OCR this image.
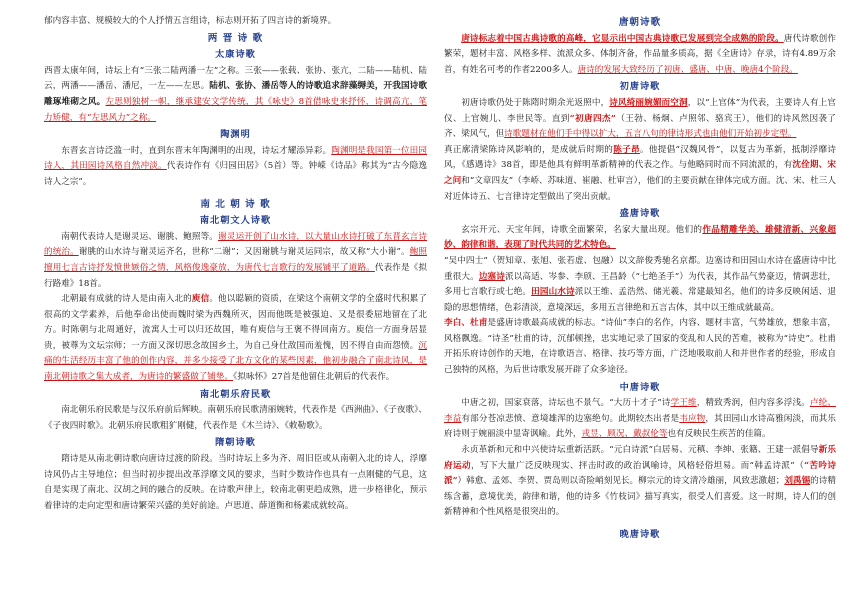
郁内容丰富、规模较大的个人抒情五言组诗，标志则开拓了四言诗的新境界。

两 晋 诗 歌
太康诗歌

西晋太康年间，诗坛上有“三张二陆两潘一左”之称。三张——张载、张协、张亢，二陆——陆机、陆云，两潘——潘岳、潘尼，一左——左思。陆机、张协、潘岳等人的诗歌追求辞藻缛美，开我国诗歌雕琢堆砌之风。左思则独树一帜，继承建安文学传统，其《咏史》8首借咏史来抒怀，诗调高亢，笔力矫健，有“左思风力”之称。

陶渊明

东晋玄言诗泛滥一时，直到东晋末年陶渊明的出现，诗坛才耀添异彩。陶渊明是我国第一位田园诗人，其田园诗风格自然冲淡。代表诗作有《归园田居》（5首）等。钟嵘《诗品》称其为“古今隐逸诗人之宗”。

南 北 朝 诗 歌
南北朝文人诗歌

南朝代表诗人是谢灵运、谢朓、鲍照等。谢灵运开创了山水诗，以大量山水诗打破了东晋玄言诗的统治。谢朓的山水诗与谢灵运齐名，世称“二谢”；又因谢朓与谢灵运同宗，故又称“大小谢”。鲍照擅用七言古诗抒发愤世嫉俗之情，风格俊逸豪放，为唐代七言歌行的发展铺平了道路。代表作是《拟行路难》18首。

北朝最有成就的诗人是由南入北的庾信。他以聪颖的资质，在梁这个南朝文学的全盛时代积累了很高的文学素养，后他奉命出使而魏时梁为西魏所灭，因而他既是被强迫、又是很委屈地留在了北方。时陈朝与北周通好，流寓人士可以归还故国，唯有庾信与王褒不得回南方。庾信一方面身居显贵，被尊为文坛宗师；一方面又深切思念故国乡土，为自己身仕敌国而羞愧，因不得自由而怨愤。沉痛的生活经历丰富了他的创作内容，并多少接受了北方文化的某些因素，他初步融合了南北诗风，是南北朝诗歌之集大成者，为唐诗的繁盛做了铺垫。《拟咏怀》27首是他留住北朝后的代表作。

南北朝乐府民歌

南北朝乐府民歌是与汉乐府前后辉映。南朝乐府民歌清丽婉转，代表作是《西洲曲》、《子夜歌》、《子夜四时歌》。北朝乐府民歌粗犷刚健，代表作是《木兰诗》、《敕勒歌》。

隋朝诗歌

隋诗是从南北朝诗歌向唐诗过渡的阶段。当时诗坛上多为齐、周旧臣或从南朝入北的诗人，浮靡诗风仍占主导地位；但当时初步提出改革浮靡文风的要求，当时少数诗作也具有一点刚健的气息，这自是实现了南北、汉胡之间的融合的反映。在诗歌声律上，较南北朝更趋成熟，进一步格律化，预示着律诗的走向定型和唐诗繁荣兴盛的美好前途。卢思道、薛道衡和杨素成就较高。

唐朝诗歌

唐诗标志着中国古典诗歌的高峰，它显示出中国古典诗歌已发展到完全成熟的阶段。唐代诗歌创作繁荣，题材丰富、风格多样、流派众多、体制齐备，作品量多质高，据《全唐诗》存录，诗有4.89万余首，有姓名可考的作者2200多人。唐诗的发展大致经历了初唐、盛唐、中唐、晚唐4个阶段。

初唐诗歌

初唐诗歌仍处于陈隋时期余光返照中，诗风绮丽婉媚而空洞，以“上官体”为代表，主要诗人有上官仪、上官婉儿、李世民等。直到“初唐四杰”（王勃、杨炯、卢照邻、骆宾王），他们的诗风然因袭了齐、梁风气，但诗歌题材在他们手中得以扩大，五言八句的律诗形式也由他们开始初步定型。

真正廓清梁陈诗风影响的，是成就后时期的陈子昂。他提倡“汉魏风骨”，以复古为革新，抵制浮靡诗风，《感遇诗》38首，即是他具有鲜明革新精神的代表之作。与他略同时而不同流派的，有沈佺期、宋之问和“文章四友”（李峤、苏味道、崔融、杜审言），他们的主要贡献在律体完成方面。沈、宋、杜三人对近体诗五、七言律诗定型做出了突出贡献。

盛唐诗歌

玄宗开元、天宝年间，诗歌全面繁荣，名家大量出现。他们的作品精雕华美、雄健清新、兴象超妙、韵律和谐，表现了时代共同的艺术特色。

“吴中四士”（贺知章、张旭、张若虚、包融）以文辞俊秀驰名京都。边塞诗和田园山水诗在盛唐诗中比重很大。边塞诗派以高适、岑参、李颀、王昌龄（“七绝圣手”）为代表，其作品气势豪迈，情调悲壮，多用七言歌行或七绝。田园山水诗派以王维、孟浩然、储光羲、常建最知名，他们的诗多反映闲适、退隐的思想情绪，色彩清淡，意境深远，多用五言律绝和五言古体，其中以王维成就最高。

李白、杜甫是盛唐诗歌最高成就的标志。“诗仙”李白的名作，内容、题材丰富，气势雄放，想象丰富，风格飘逸。“诗圣”杜甫的诗，沉郁顿挫，忠实地记录了国家的变乱和人民的苦难，被称为“诗史”。杜甫开拓乐府诗创作的天地，在诗歌语言、格律、技巧等方面，广泛地吸取前人和并世作者的经验，形成自己独特的风格，为后世诗歌发展开辟了众多途径。

中唐诗歌

中唐之初，国家衰落，诗坛也不景气。“大历十才子”诗学王维，精致秀润，但内容多浮浅。卢纶、李益有部分苍凉悲愤、意境雄浑的边塞绝句。此期较杰出者是韦应物，其田园山水诗高雅闲淡，而其乐府诗则于婉丽淡中显寄讽喻。此外，戎昱、顾况、戴叔伦等也有反映民生疾苦的佳篇。

永贞革新和元和中兴使诗坛重新活跃。“元白诗派”白居易、元稹、李绅、张籍、王建一派倡导新乐府运动，写下大量广泛反映现实、抨击时政的政治讽喻诗，风格轻俗坦易。而“韩孟诗派”（“苦吟诗派”）韩愈、孟郊、李贺、贾岛则以奇险峭刻见长。柳宗元的诗文清冷雄丽，风致悲激超；刘禹锡的诗精练含蓄，意境优美，韵律和谐，他的诗多《竹枝词》描写真实，很受人们喜爱。这一时期，诗人们的创新精神和个性风格是很突出的。

晚唐诗歌
